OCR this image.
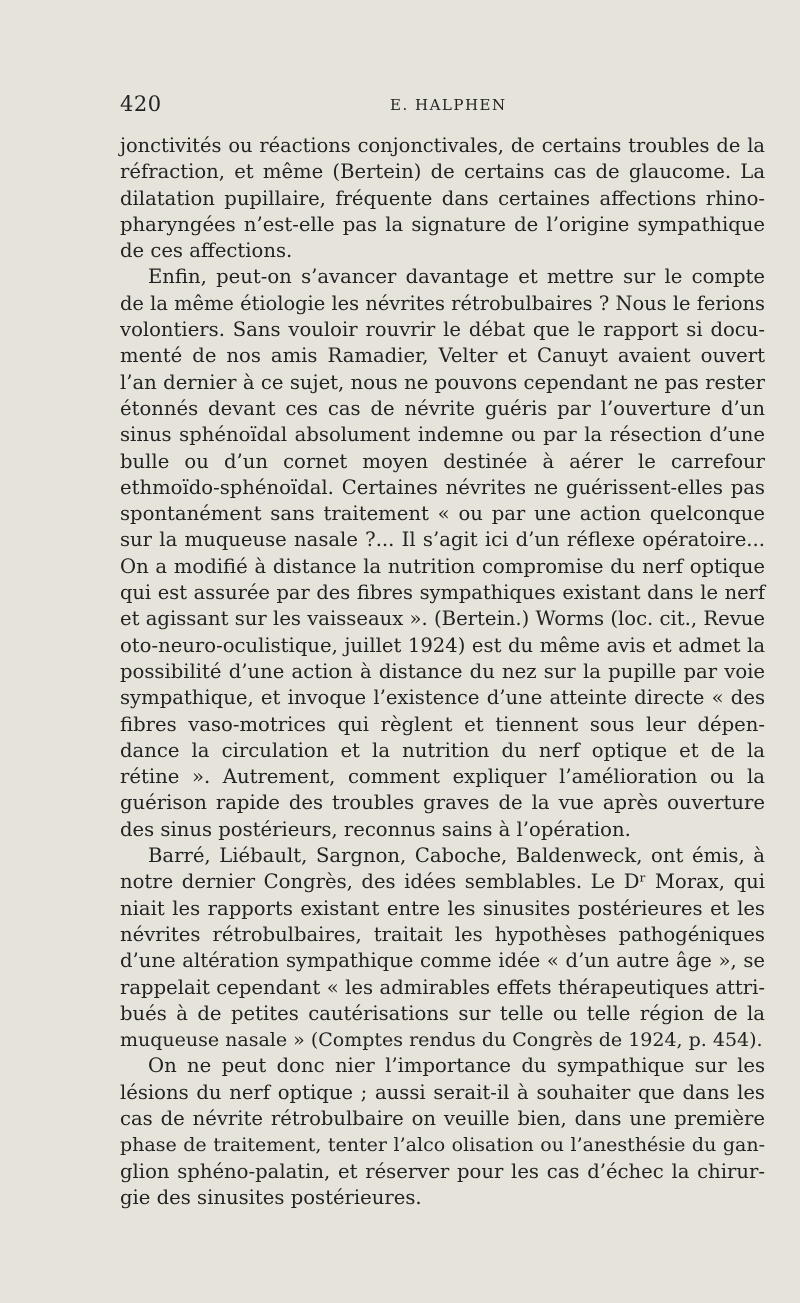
420	E. HALPHEN
jonctivités ou réactions conjonctivales, de certains troubles de la
réfraction, et même (Bertein) de certains cas de glaucome. La
dilatation pupillaire, fréquente dans certaines affections rhino-
pharyngées n’est-elle pas la signature de l’origine sympathique
de ces affections.
Enfin, peut-on s’avancer davantage et mettre sur le compte
de la même étiologie les névrites rétrobulbaires ? Nous le ferions
volontiers. Sans vouloir rouvrir le débat que le rapport si docu-
menté de nos amis Ramadier, Velter et Canuyt avaient ouvert
l’an dernier à ce sujet, nous ne pouvons cependant ne pas rester
étonnés devant ces cas de névrite guéris par l’ouverture d’un
sinus sphénoïdal absolument indemne ou par la résection d’une
bulle ou d’un cornet moyen destinée à aérer le carrefour
ethmoïdo-sphénoïdal. Certaines névrites ne guérissent-elles pas
spontanément sans traitement « ou par une action quelconque
sur la muqueuse nasale ?... Il s’agit ici d’un réflexe opératoire...
On a modifié à distance la nutrition compromise du nerf optique
qui est assurée par des fibres sympathiques existant dans le nerf
et agissant sur les vaisseaux ». (Bertein.) Worms (loc. cit., Revue
oto-neuro-oculistique, juillet 1924) est du même avis et admet la
possibilité d’une action à distance du nez sur la pupille par voie
sympathique, et invoque l’existence d’une atteinte directe « des
fibres vaso-motrices qui règlent et tiennent sous leur dépen-
dance la circulation et la nutrition du nerf optique et de la
rétine ». Autrement, comment expliquer l’amélioration ou la
guérison rapide des troubles graves de la vue après ouverture
des sinus postérieurs, reconnus sains à l’opération.
Barré, Liébault, Sargnon, Caboche, Baldenweck, ont émis, à
notre dernier Congrès, des idées semblables. Le Dʳ Morax, qui
niait les rapports existant entre les sinusites postérieures et les
névrites rétrobulbaires, traitait les hypothèses pathogéniques
d’une altération sympathique comme idée « d’un autre âge », se
rappelait cependant « les admirables effets thérapeutiques attri-
bués à de petites cautérisations sur telle ou telle région de la
muqueuse nasale » (Comptes rendus du Congrès de 1924, p. 454).
On ne peut donc nier l’importance du sympathique sur les
lésions du nerf optique ; aussi serait-il à souhaiter que dans les
cas de névrite rétrobulbaire on veuille bien, dans une première
phase de traitement, tenter l’alco olisation ou l’anesthésie du gan-
glion sphéno-palatin, et réserver pour les cas d’échec la chirur-
gie des sinusites postérieures.
